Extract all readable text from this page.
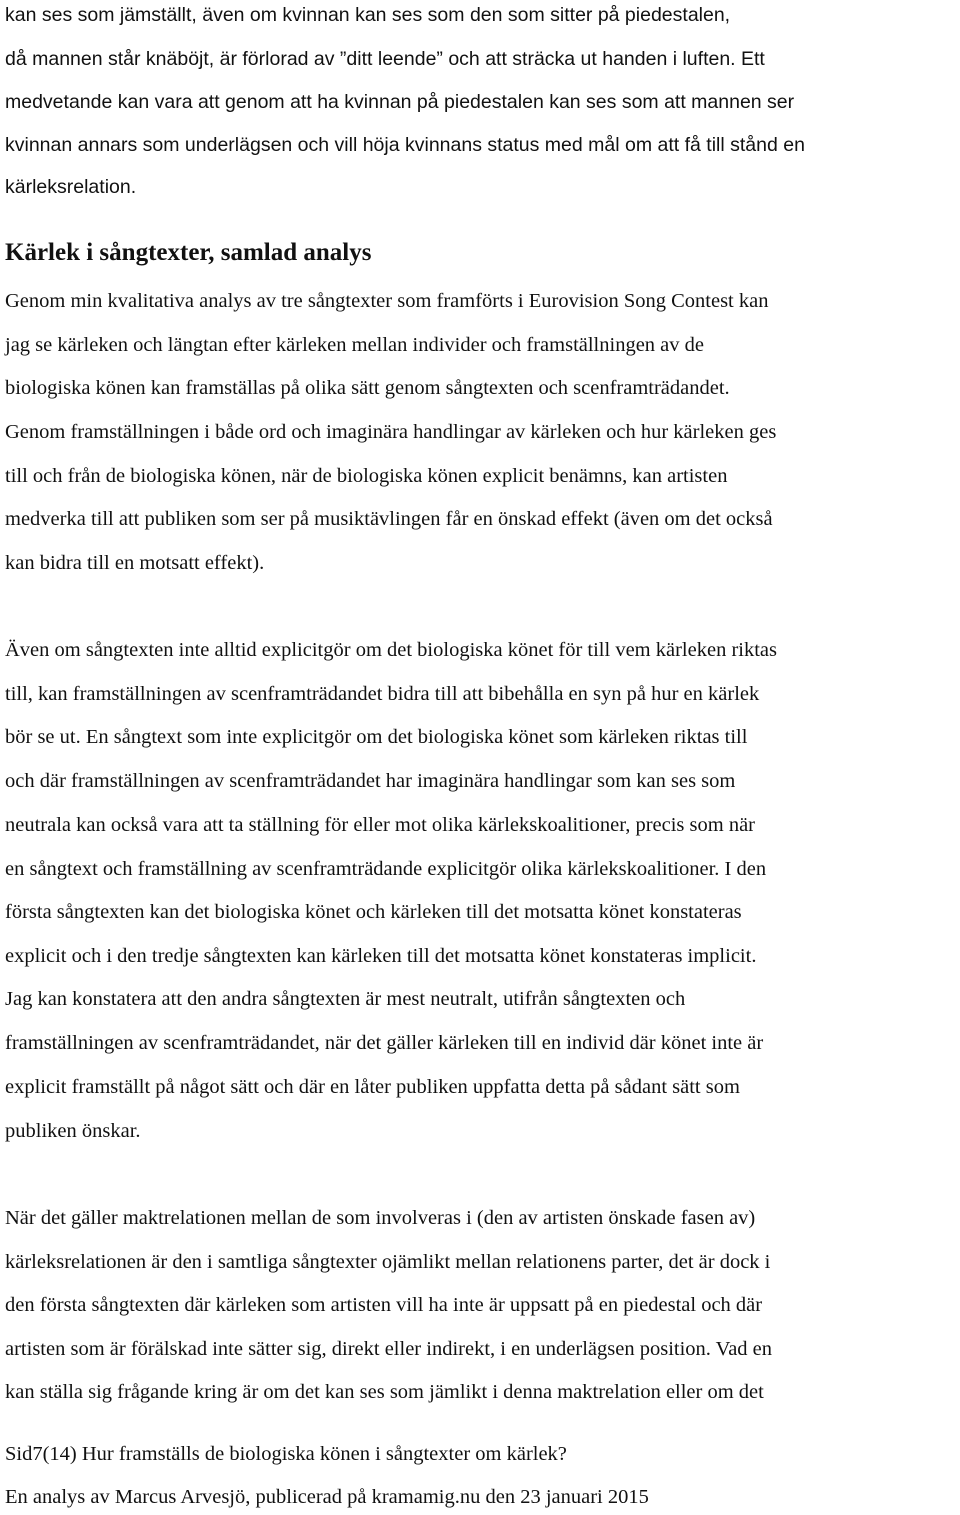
kan ses som jämställt, även om kvinnan kan ses som den som sitter på piedestalen,

då mannen står knäböjt, är förlorad av ”ditt leende” och att sträcka ut handen i luften. Ett

medvetande kan vara att genom att ha kvinnan på piedestalen kan ses som att mannen ser

kvinnan annars som underlägsen och vill höja kvinnans status med mål om att få till stånd en

kärleksrelation.

Kärlek i sångtexter, samlad analys

Genom min kvalitativa analys av tre sångtexter som framförts i Eurovision Song Contest kan

jag se kärleken och längtan efter kärleken mellan individer och framställningen av de

biologiska könen kan framställas på olika sätt genom sångtexten och scenframträdandet.

Genom framställningen i både ord och imaginära handlingar av kärleken och hur kärleken ges

till och från de biologiska könen, när de biologiska könen explicit benämns, kan artisten

medverka till att publiken som ser på musiktävlingen får en önskad effekt (även om det också

kan bidra till en motsatt effekt).

Även om sångtexten inte alltid explicitgör om det biologiska könet för till vem kärleken riktas

till, kan framställningen av scenframträdandet bidra till att bibehålla en syn på hur en kärlek

bör se ut. En sångtext som inte explicitgör om det biologiska könet som kärleken riktas till

och där framställningen av scenframträdandet har imaginära handlingar som kan ses som

neutrala kan också vara att ta ställning för eller mot olika kärlekskoalitioner, precis som när

en sångtext och framställning av scenframträdande explicitgör olika kärlekskoalitioner. I den

första sångtexten kan det biologiska könet och kärleken till det motsatta könet konstateras

explicit och i den tredje sångtexten kan kärleken till det motsatta könet konstateras implicit.

Jag kan konstatera att den andra sångtexten är mest neutralt, utifrån sångtexten och

framställningen av scenframträdandet, när det gäller kärleken till en individ där könet inte är

explicit framställt på något sätt och där en låter publiken uppfatta detta på sådant sätt som

publiken önskar.

När det gäller maktrelationen mellan de som involveras i (den av artisten önskade fasen av)

kärleksrelationen är den i samtliga sångtexter ojämlikt mellan relationens parter, det är dock i

den första sångtexten där kärleken som artisten vill ha inte är uppsatt på en piedestal och där

artisten som är förälskad inte sätter sig, direkt eller indirekt, i en underlägsen position. Vad en

kan ställa sig frågande kring är om det kan ses som jämlikt i denna maktrelation eller om det

Sid7(14) Hur framställs de biologiska könen i sångtexter om kärlek?

En analys av Marcus Arvesjö, publicerad på kramamig.nu den 23 januari 2015
